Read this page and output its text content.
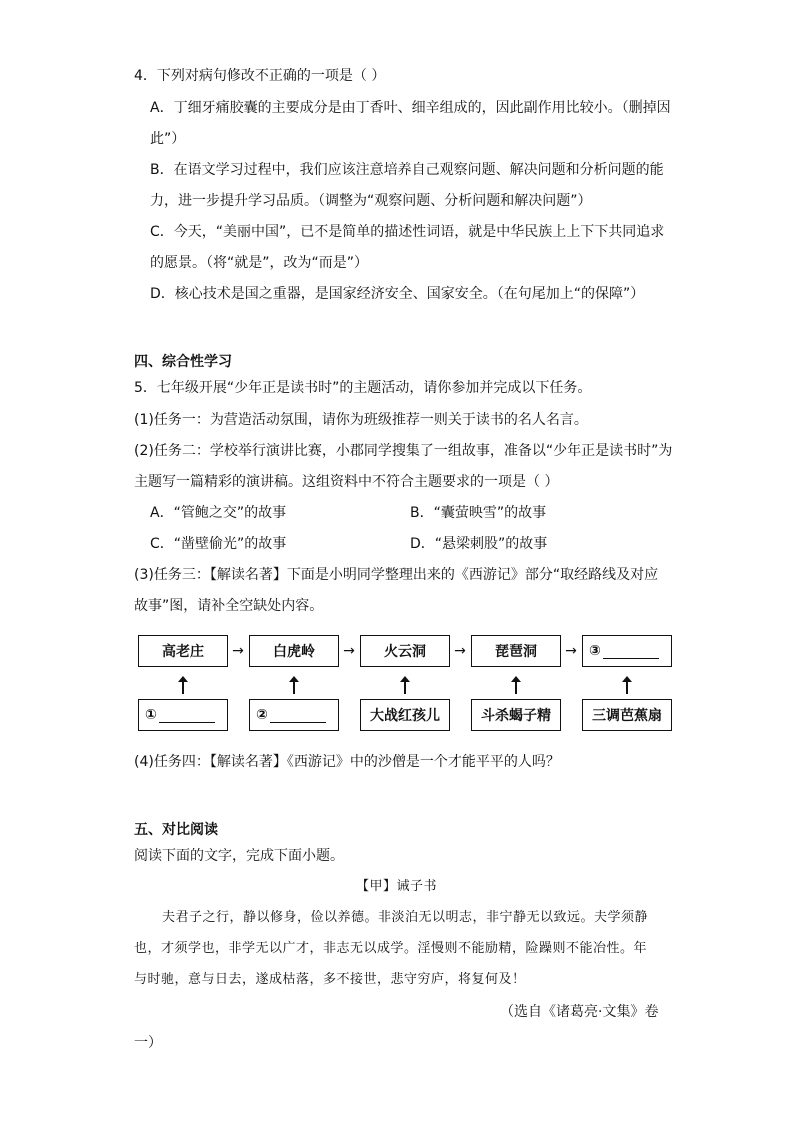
4．下列对病句修改不正确的一项是（ ）
A．丁细牙痛胶囊的主要成分是由丁香叶、细辛组成的，因此副作用比较小。（删掉因
此”）
B．在语文学习过程中，我们应该注意培养自己观察问题、解决问题和分析问题的能
力，进一步提升学习品质。（调整为“观察问题、分析问题和解决问题”）
C．今天，“美丽中国”，已不是简单的描述性词语，就是中华民族上上下下共同追求
的愿景。（将“就是”，改为“而是”）
D．核心技术是国之重器，是国家经济安全、国家安全。（在句尾加上“的保障”）
四、综合性学习
5．七年级开展“少年正是读书时”的主题活动，请你参加并完成以下任务。
(1)任务一：为营造活动氛围，请你为班级推荐一则关于读书的名人名言。
(2)任务二：学校举行演讲比赛，小郡同学搜集了一组故事，准备以“少年正是读书时”为
主题写一篇精彩的演讲稿。这组资料中不符合主题要求的一项是（ ）
A．“管鲍之交”的故事	B．“囊萤映雪”的故事
C．“凿壁偷光”的故事	D．“悬梁刺股”的故事
(3)任务三：【解读名著】下面是小明同学整理出来的《西游记》部分“取经路线及对应
故事”图，请补全空缺处内容。
高老庄 → 白虎岭 → 火云洞 → 琵琶洞 → ③
①	②	大战红孩儿	斗杀蝎子精	三调芭蕉扇
(4)任务四：【解读名著】《西游记》中的沙僧是一个才能平平的人吗？
五、对比阅读
阅读下面的文字，完成下面小题。
【甲】诫子书
夫君子之行，静以修身，俭以养德。非淡泊无以明志，非宁静无以致远。夫学须静
也，才须学也，非学无以广才，非志无以成学。淫慢则不能励精，险躁则不能冶性。年
与时驰，意与日去，遂成枯落，多不接世，悲守穷庐，将复何及！
（选自《诸葛亮·文集》卷
一）
